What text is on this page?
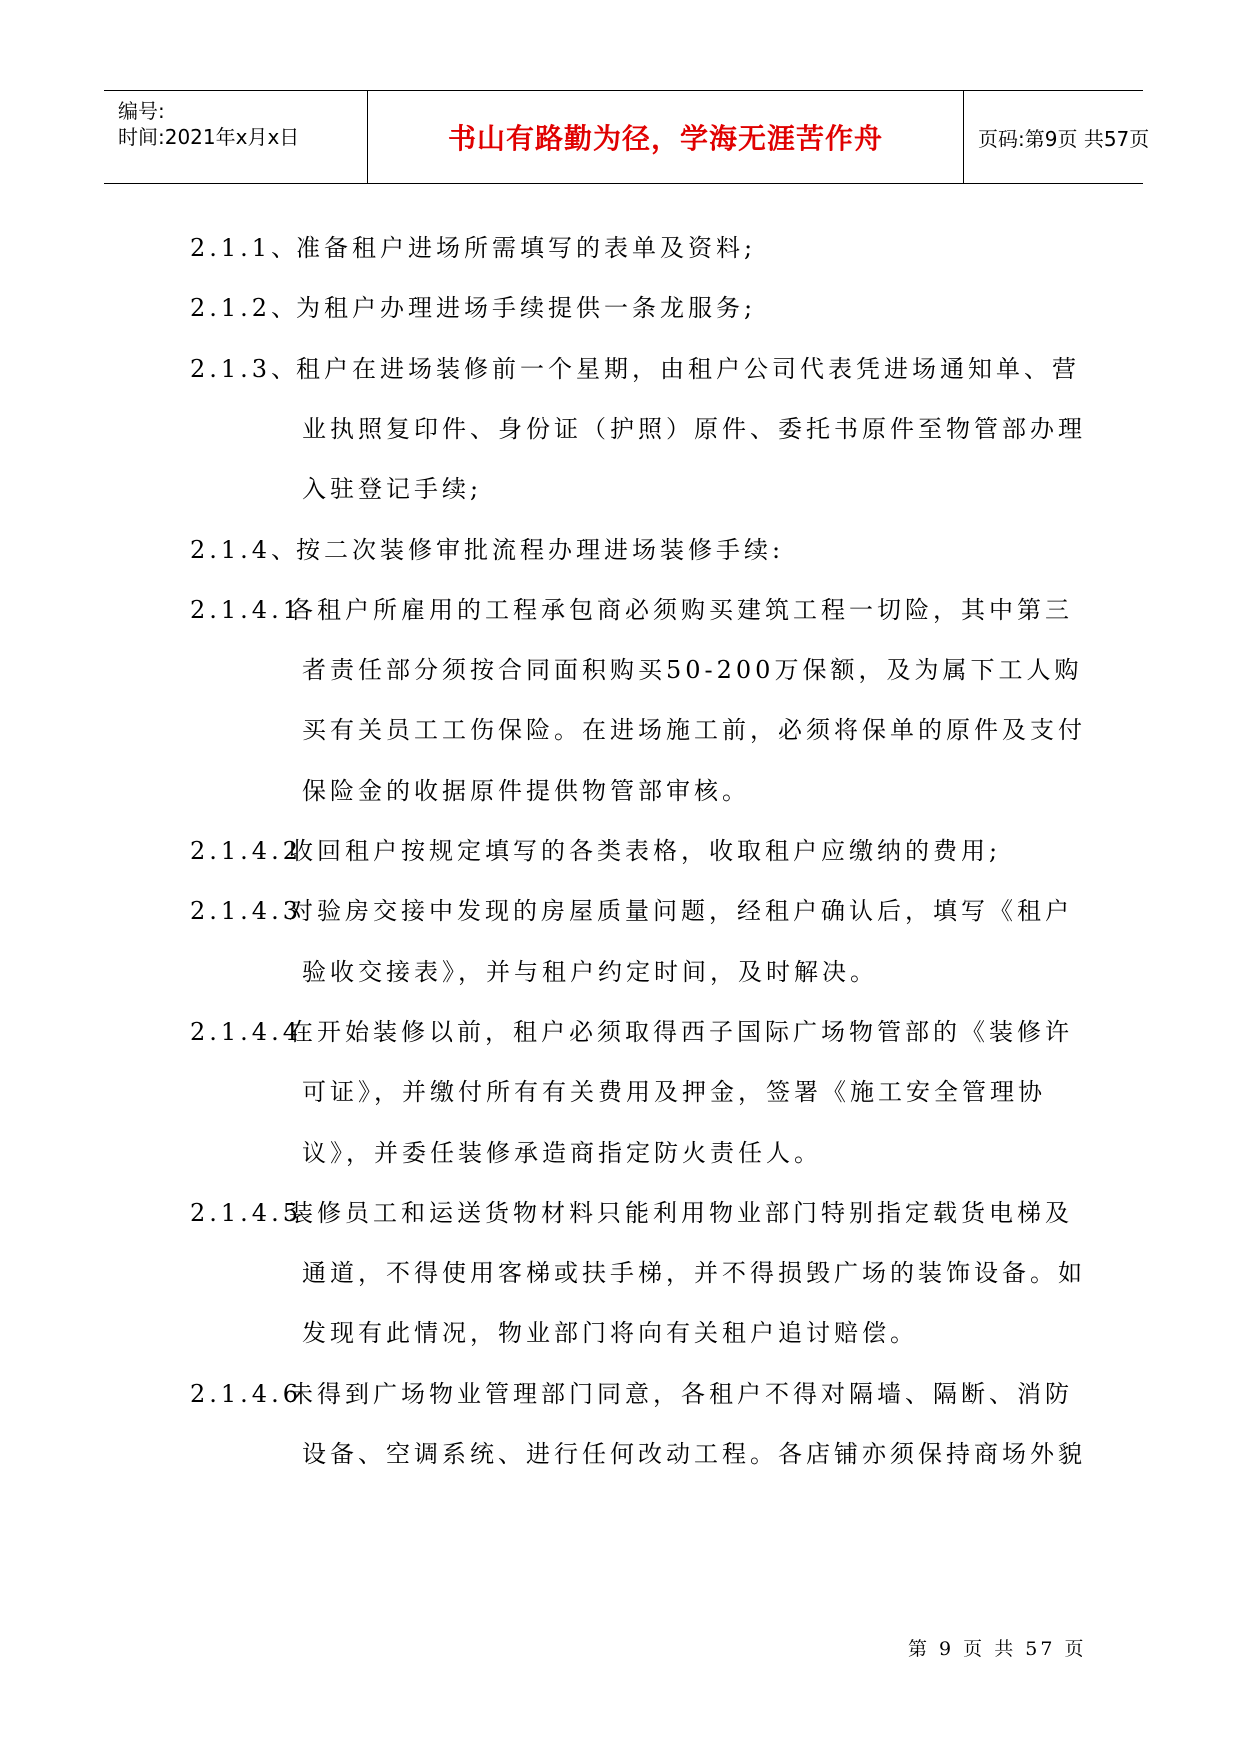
编号:
时间:2021年x月x日	书山有路勤为径，学海无涯苦作舟	页码:第9页 共57页
2.1.1、准备租户进场所需填写的表单及资料;
2.1.2、为租户办理进场手续提供一条龙服务;
2.1.3、租户在进场装修前一个星期，由租户公司代表凭进场通知单、营
业执照复印件、身份证（护照）原件、委托书原件至物管部办理
入驻登记手续;
2.1.4、按二次装修审批流程办理进场装修手续:
2.1.4.1各租户所雇用的工程承包商必须购买建筑工程一切险，其中第三
者责任部分须按合同面积购买50-200万保额，及为属下工人购
买有关员工工伤保险。在进场施工前，必须将保单的原件及支付
保险金的收据原件提供物管部审核。
2.1.4.2收回租户按规定填写的各类表格，收取租户应缴纳的费用;
2.1.4.3对验房交接中发现的房屋质量问题，经租户确认后，填写《租户
验收交接表》，并与租户约定时间，及时解决。
2.1.4.4在开始装修以前，租户必须取得西子国际广场物管部的《装修许
可证》，并缴付所有有关费用及押金，签署《施工安全管理协
议》，并委任装修承造商指定防火责任人。
2.1.4.5装修员工和运送货物材料只能利用物业部门特别指定载货电梯及
通道，不得使用客梯或扶手梯，并不得损毁广场的装饰设备。如
发现有此情况，物业部门将向有关租户追讨赔偿。
2.1.4.6未得到广场物业管理部门同意，各租户不得对隔墙、隔断、消防
设备、空调系统、进行任何改动工程。各店铺亦须保持商场外貌
第 9 页 共 57 页
